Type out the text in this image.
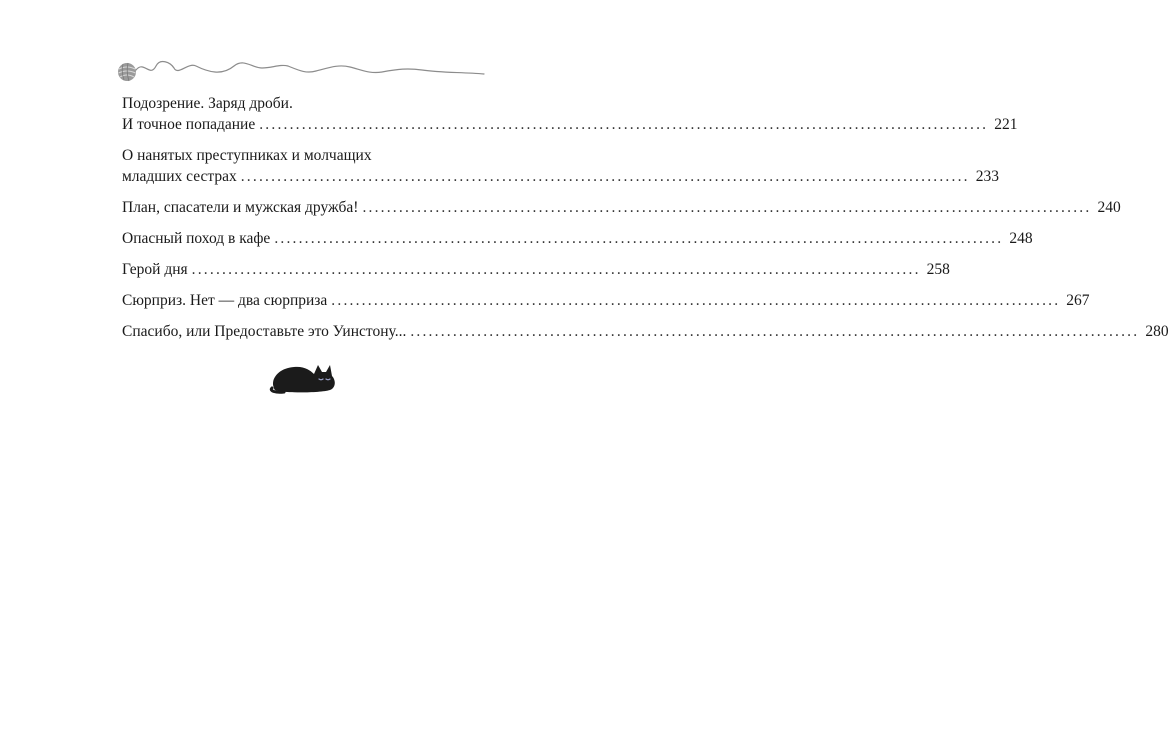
Подозрение. Заряд дроби.
И точное попадание ........................................................................................................................ 221
О нанятых преступниках и молчащих
младших сестрах ........................................................................................................................ 233
План, спасатели и мужская дружба! ........................................................................................................................ 240
Опасный поход в кафе ........................................................................................................................ 248
Герой дня ........................................................................................................................ 258
Сюрприз. Нет — два сюрприза ........................................................................................................................ 267
Спасибо, или Предоставьте это Уинстону... ........................................................................................................................ 280
